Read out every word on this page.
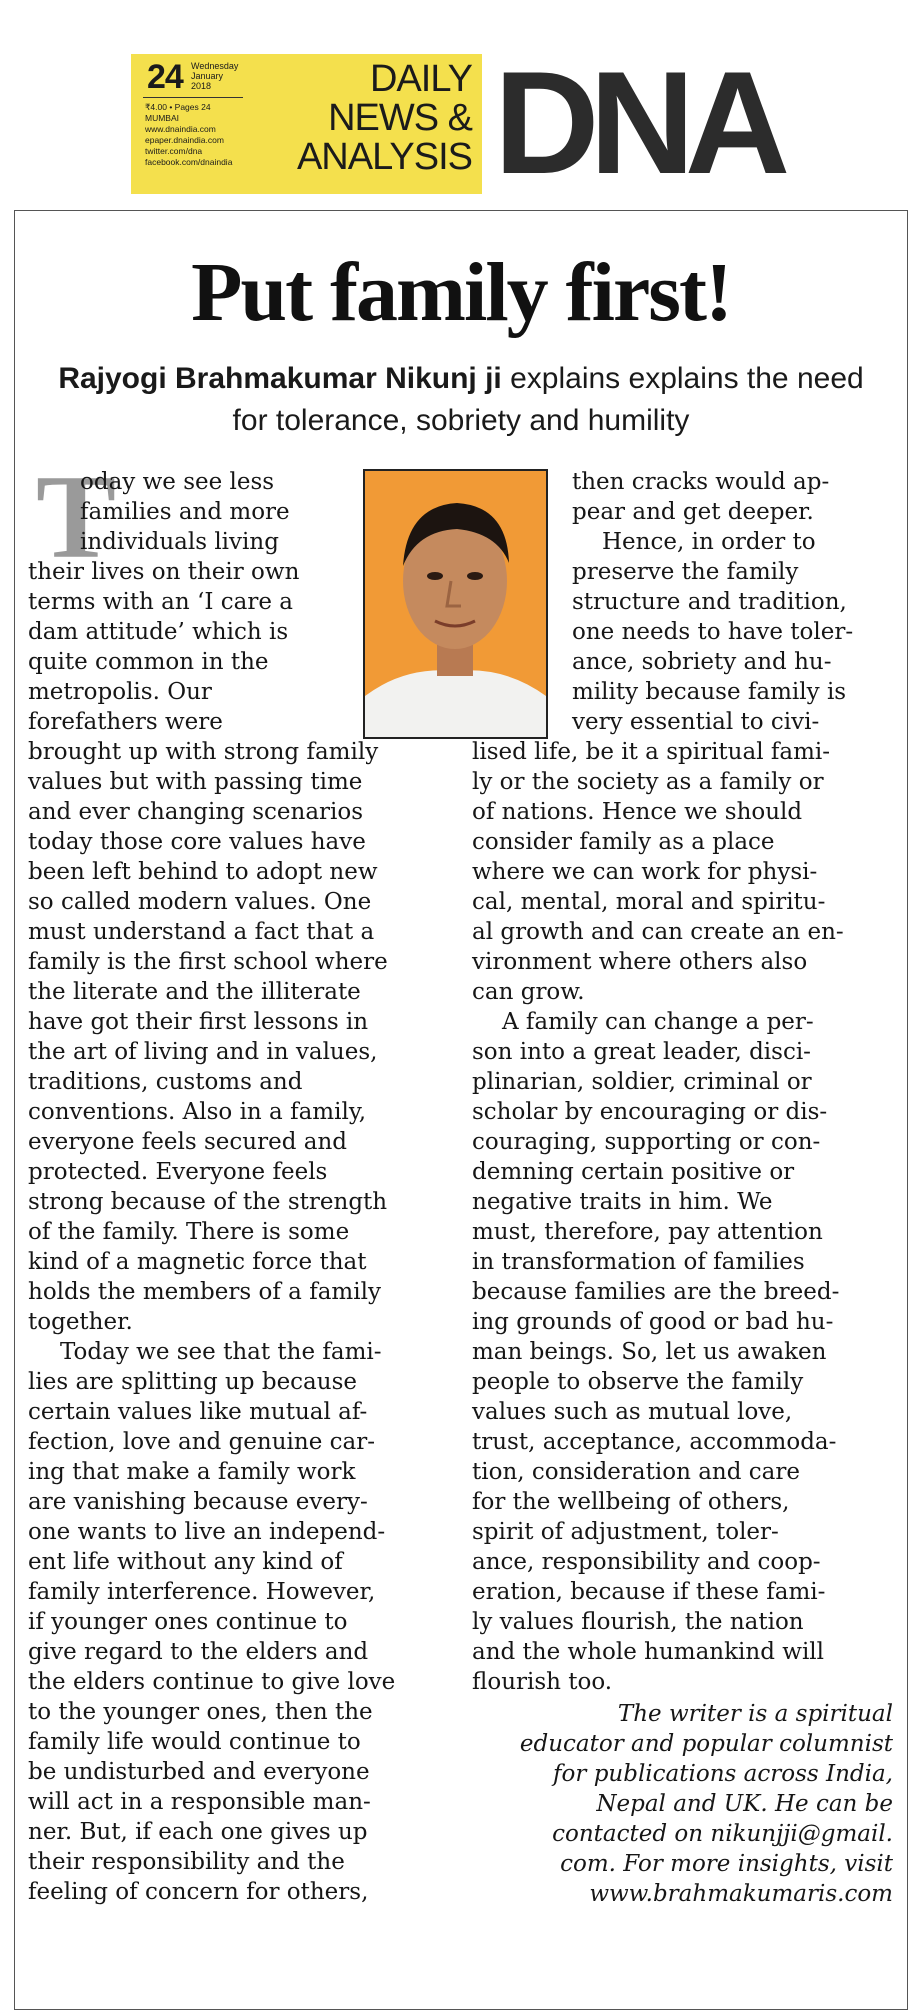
24 Wednesday
January
2018
₹4.00 • Pages 24
MUMBAI
www.dnaindia.com
epaper.dnaindia.com
twitter.com/dna
facebook.com/dnaindia
DAILY
NEWS &
ANALYSIS DNA
Put family first!
Rajyogi Brahmakumar Nikunj ji explains explains the need
for tolerance, sobriety and humility
T
oday we see less
families and more
individuals living
their lives on their own
terms with an ‘I care a
dam attitude’ which is
quite common in the
metropolis. Our
forefathers were
brought up with strong family
values but with passing time
and ever changing scenarios
today those core values have
been left behind to adopt new
so called modern values. One
must understand a fact that a
family is the first school where
the literate and the illiterate
have got their first lessons in
the art of living and in values,
traditions, customs and
conventions. Also in a family,
everyone feels secured and
protected. Everyone feels
strong because of the strength
of the family. There is some
kind of a magnetic force that
holds the members of a family
together.
Today we see that the fami-
lies are splitting up because
certain values like mutual af-
fection, love and genuine car-
ing that make a family work
are vanishing because every-
one wants to live an independ-
ent life without any kind of
family interference. However,
if younger ones continue to
give regard to the elders and
the elders continue to give love
to the younger ones, then the
family life would continue to
be undisturbed and everyone
will act in a responsible man-
ner. But, if each one gives up
their responsibility and the
feeling of concern for others,
then cracks would ap-
pear and get deeper.
Hence, in order to
preserve the family
structure and tradition,
one needs to have toler-
ance, sobriety and hu-
mility because family is
very essential to civi-
lised life, be it a spiritual fami-
ly or the society as a family or
of nations. Hence we should
consider family as a place
where we can work for physi-
cal, mental, moral and spiritu-
al growth and can create an en-
vironment where others also
can grow.
A family can change a per-
son into a great leader, disci-
plinarian, soldier, criminal or
scholar by encouraging or dis-
couraging, supporting or con-
demning certain positive or
negative traits in him. We
must, therefore, pay attention
in transformation of families
because families are the breed-
ing grounds of good or bad hu-
man beings. So, let us awaken
people to observe the family
values such as mutual love,
trust, acceptance, accommoda-
tion, consideration and care
for the wellbeing of others,
spirit of adjustment, toler-
ance, responsibility and coop-
eration, because if these fami-
ly values flourish, the nation
and the whole humankind will
flourish too.
The writer is a spiritual
educator and popular columnist
for publications across India,
Nepal and UK. He can be
contacted on nikunjji@gmail.
com. For more insights, visit
www.brahmakumaris.com
